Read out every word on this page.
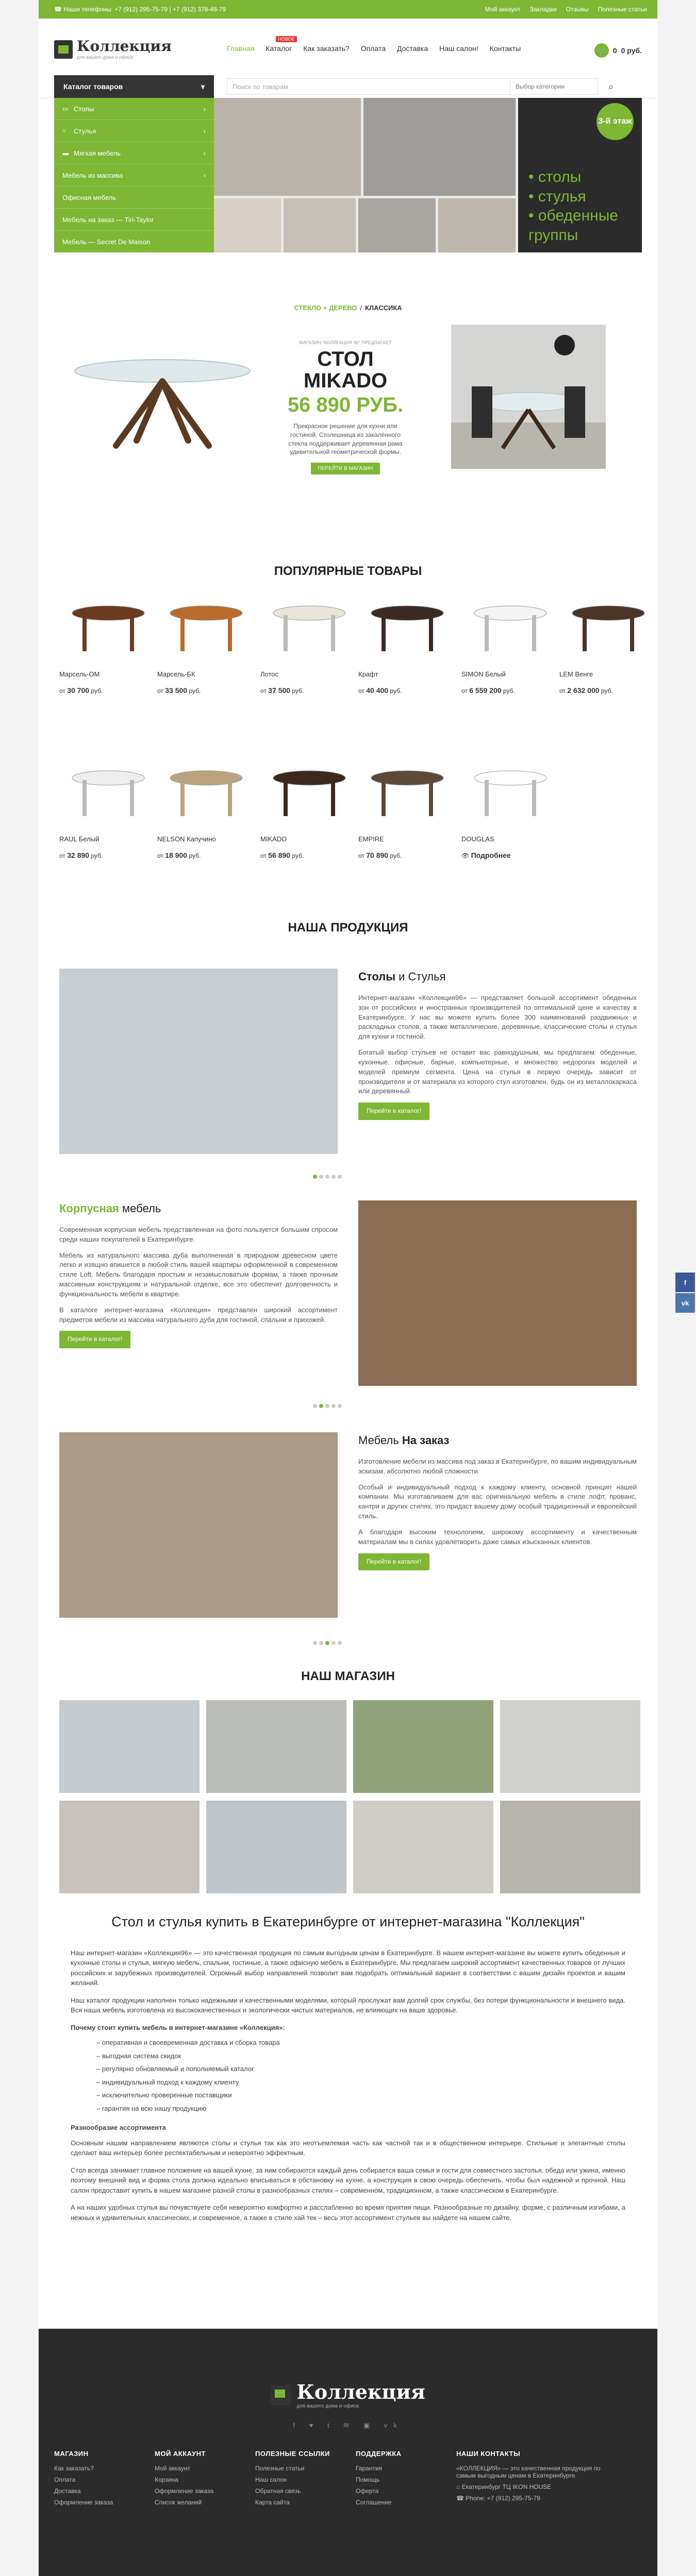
☎ Наши телефоны: +7 (912) 295-75-79 | +7 (912) 378-48-79	Мой аккаунт Закладки Отзывы Полезные статьи
Коллекция
для вашего дома и офиса
Главная Каталог
НОВОЕ
Как заказать? Оплата Доставка Наш салон! Контакты	🛒 0 0 руб.
Каталог товаров	▾	Поиск по товарам	Выбор категории	⌕
3-й этаж
• столы
• стулья
• обеденные
группы
▭ Столы	›
⑂	Стулья	›
▬ Мягкая мебель	›
Мебель из массива	›
Офисная мебель
Мебель на заказ — Tiri-Taylor
Мебель — Secret De Maison
СТЕКЛО + ДЕРЕВО / КЛАССИКА
МАГАЗИН "КОЛЛЕКЦИЯ 96" ПРЕДЛАГАЕТ
СТОЛ
MIKADO
56 890 РУБ.
Прекрасное решение для кухни или гостиной. Столешница из закалённого стекла поддерживает деревянная рама удивительной геометрической формы.
ПЕРЕЙТИ В МАГАЗИН
ПОПУЛЯРНЫЕ ТОВАРЫ
Марсель-ОМ
от 30 700 руб.
Марсель-БК
от 33 500 руб.
Лотос
от 37 500 руб.
Крафт
от 40 400 руб.
SIMON Белый
от 6 559 200 руб.
LEM Венге
от 2 632 000 руб.
RAUL Белый
от 32 890 руб.
NELSON Капучино
от 18 900 руб.
MIKADO
от 56 890 руб.
EMPIRE
от 70 890 руб.
DOUGLAS
👁 Подробнее
НАША ПРОДУКЦИЯ
Столы и Стулья

Интернет-магазин «Коллекция96» — представляет большой ассортимент обеденных зон от российских и иностранных производителей по оптимальной цене и качеству в Екатеринбурге. У нас вы можете купить более 300 наименований раздвижных и раскладных столов, а также металлические, деревянные, классические столы и стулья для кухни и гостиной.

Богатый выбор стульев не оставит вас равнодушным, мы предлагаем: обеденные, кухонные, офисные, барные, компьютерные, и множество недорогих моделей и моделей премиум сегмента. Цена на стулья в первую очередь зависит от производителя и от материала из которого стул изготовлен, будь он из металлокаркаса или деревянный.

Перейти в каталог!
Корпусная мебель

Современная корпусная мебель представленная на фото пользуется большим спросом среди наших покупателей в Екатеринбурге.

Мебель из натурального массива дуба выполненная в природном древесном цвете легко и изящно впишется в любой стиль вашей квартиры оформленной в современном стиле Loft. Мебель благодаря простым и незамысловатым формам, а также прочным массивным конструкциям и натуральной отделке, все это обеспечит долговечность и функциональность мебели в квартире.

В каталоге интернет-магазина «Коллекция» представлен широкий ассортимент предметов мебели из массива натурального дуба для гостиной, спальни и прихожей.

Перейти в каталог!
Мебель На заказ

Изготовление мебели из массива под заказ в Екатеринбурге, по вашим индивидуальным эскизам, абсолютно любой сложности.

Особый и индивидуальный подход к каждому клиенту, основной принцип нашей компании. Мы изготавливаем для вас оригинальную мебель в стиле лофт, прованс, кантри и других стилях, это придаст вашему дому особый традиционный и европейский стиль.

А благодаря высоким технологиям, широкому ассортименту и качественным материалам мы в силах удовлетворить даже самых изысканных клиентов.

Перейти в каталог!
НАШ МАГАЗИН
Стол и стулья купить в Екатеринбурге от интернет-магазина "Коллекция"

Наш интернет-магазин «Коллекция96» — это качественная продукция по самым выгодным ценам в Екатеринбурге. В нашем интернет-магазине вы можете купить обеденные и кухонные столы и стулья, мягкую мебель, спальни, гостиные, а также офисную мебель в Екатеринбурге. Мы предлагаем широкий ассортимент качественных товаров от лучших российских и зарубежных производителей. Огромный выбор направлений позволит вам подобрать оптимальный вариант в соответствии с вашим дизайн проектов и вашим желаний.

Наш каталог продукции наполнен только надежными и качественными моделями, который прослужат вам долгий срок службы, без потери функциональности и внешнего вида. Вся наша мебель изготовлена из высококачественных и экологически чистых материалов, не влияющих на ваше здоровье.

Почему стоит купить мебель в интернет-магазине «Коллекция»:
– оперативная и своевременная доставка и сборка товара
– выгодная система скидок
– регулярно обновляемый и пополняемый каталог
– индивидуальный подход к каждому клиенту
– исключительно проверенные поставщики
– гарантия на всю нашу продукцию
Разнообразие ассортимента

Основным нашим направлением являются столы и стулья так как это неотъемлемая часть как частной так и в общественном интерьере. Стильные и элегантные столы сделают ваш интерьер более респектабельным и невероятно эффектным.

Стол всегда занимает главное положение на вашей кухне, за ним собираются каждый день собирается ваша семья и гости для совместного застолья, обеда или ужина, именно поэтому внешний вид и форма стола должна идеально вписываться в обстановку на кухне, а конструкция в свою очередь обеспечить, чтобы был надежной и прочной. Наш салон предоставит купить в нашем магазине разной столы в разнообразных стилях – современном, традиционном, а также классическом в Екатеринбурге.

А на наших удобных стулья вы почувствуете себя невероятно комфортно и расслабленно во время приятия пищи. Разнообразные по дизайну, форме, с различным изгибами, а нежных и удивительных классических, и современное, а также в стиле хай тек – весь этот ассортимент стульев вы найдете на нашем сайте.

Коллекция
для вашего дома и офиса
f ♥ t ✉ ▣ vk
МАГАЗИН
Как заказать?
Оплата
Доставка
Оформление заказа
МОЙ АККАУНТ
Мой аккаунт
Корзина
Оформление заказа
Список желаний
ПОЛЕЗНЫЕ ССЫЛКИ
Полезные статьи
Наш салон
Обратная связь
Карта сайта
ПОДДЕРЖКА
Гарантия
Помощь
Оферта
Соглашение
НАШИ КОНТАКТЫ
«КОЛЛЕКЦИЯ» — это качественная продукция по самым выгодным ценам в Екатеринбурге.
⌂ Екатеринбург ТЦ IKON HOUSE
☎ Phone: +7 (912) 295-75-79
f
vk
